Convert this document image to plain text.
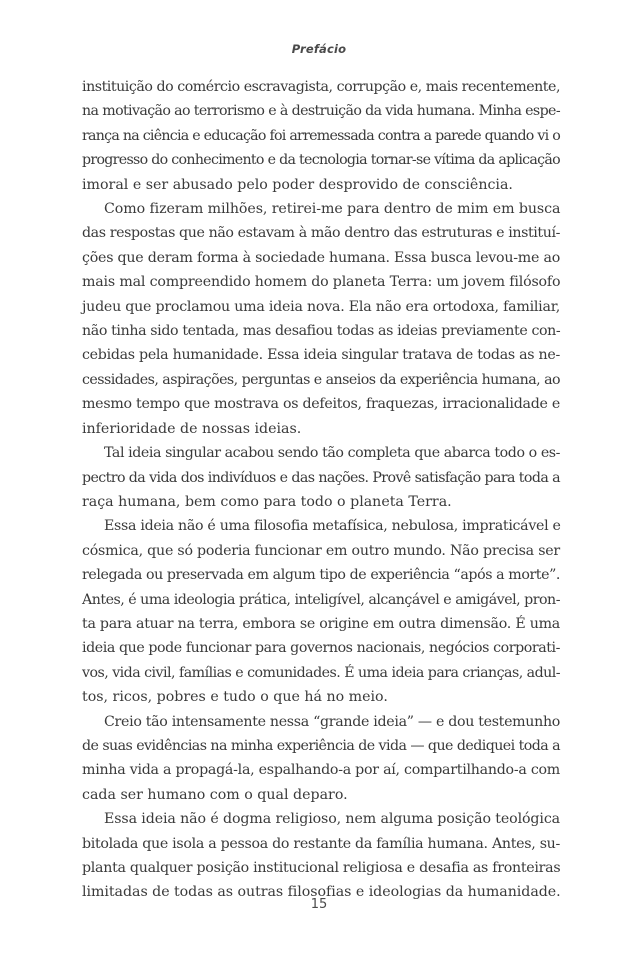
Prefácio
instituição do comércio escravagista, corrupção e, mais recentemente,
na motivação ao terrorismo e à destruição da vida humana. Minha espe-
rança na ciência e educação foi arremessada contra a parede quando vi o
progresso do conhecimento e da tecnologia tornar-se vítima da aplicação
imoral e ser abusado pelo poder desprovido de consciência.
Como fizeram milhões, retirei-me para dentro de mim em busca
das respostas que não estavam à mão dentro das estruturas e instituí-
ções que deram forma à sociedade humana. Essa busca levou-me ao
mais mal compreendido homem do planeta Terra: um jovem filósofo
judeu que proclamou uma ideia nova. Ela não era ortodoxa, familiar,
não tinha sido tentada, mas desafiou todas as ideias previamente con-
cebidas pela humanidade. Essa ideia singular tratava de todas as ne-
cessidades, aspirações, perguntas e anseios da experiência humana, ao
mesmo tempo que mostrava os defeitos, fraquezas, irracionalidade e
inferioridade de nossas ideias.
Tal ideia singular acabou sendo tão completa que abarca todo o es-
pectro da vida dos indivíduos e das nações. Provê satisfação para toda a
raça humana, bem como para todo o planeta Terra.
Essa ideia não é uma filosofia metafísica, nebulosa, impraticável e
cósmica, que só poderia funcionar em outro mundo. Não precisa ser
relegada ou preservada em algum tipo de experiência “após a morte”.
Antes, é uma ideologia prática, inteligível, alcançável e amigável, pron-
ta para atuar na terra, embora se origine em outra dimensão. É uma
ideia que pode funcionar para governos nacionais, negócios corporati-
vos, vida civil, famílias e comunidades. É uma ideia para crianças, adul-
tos, ricos, pobres e tudo o que há no meio.
Creio tão intensamente nessa “grande ideia” — e dou testemunho
de suas evidências na minha experiência de vida — que dediquei toda a
minha vida a propagá-la, espalhando-a por aí, compartilhando-a com
cada ser humano com o qual deparo.
Essa ideia não é dogma religioso, nem alguma posição teológica
bitolada que isola a pessoa do restante da família humana. Antes, su-
planta qualquer posição institucional religiosa e desafia as fronteiras
limitadas de todas as outras filosofias e ideologias da humanidade.
15
